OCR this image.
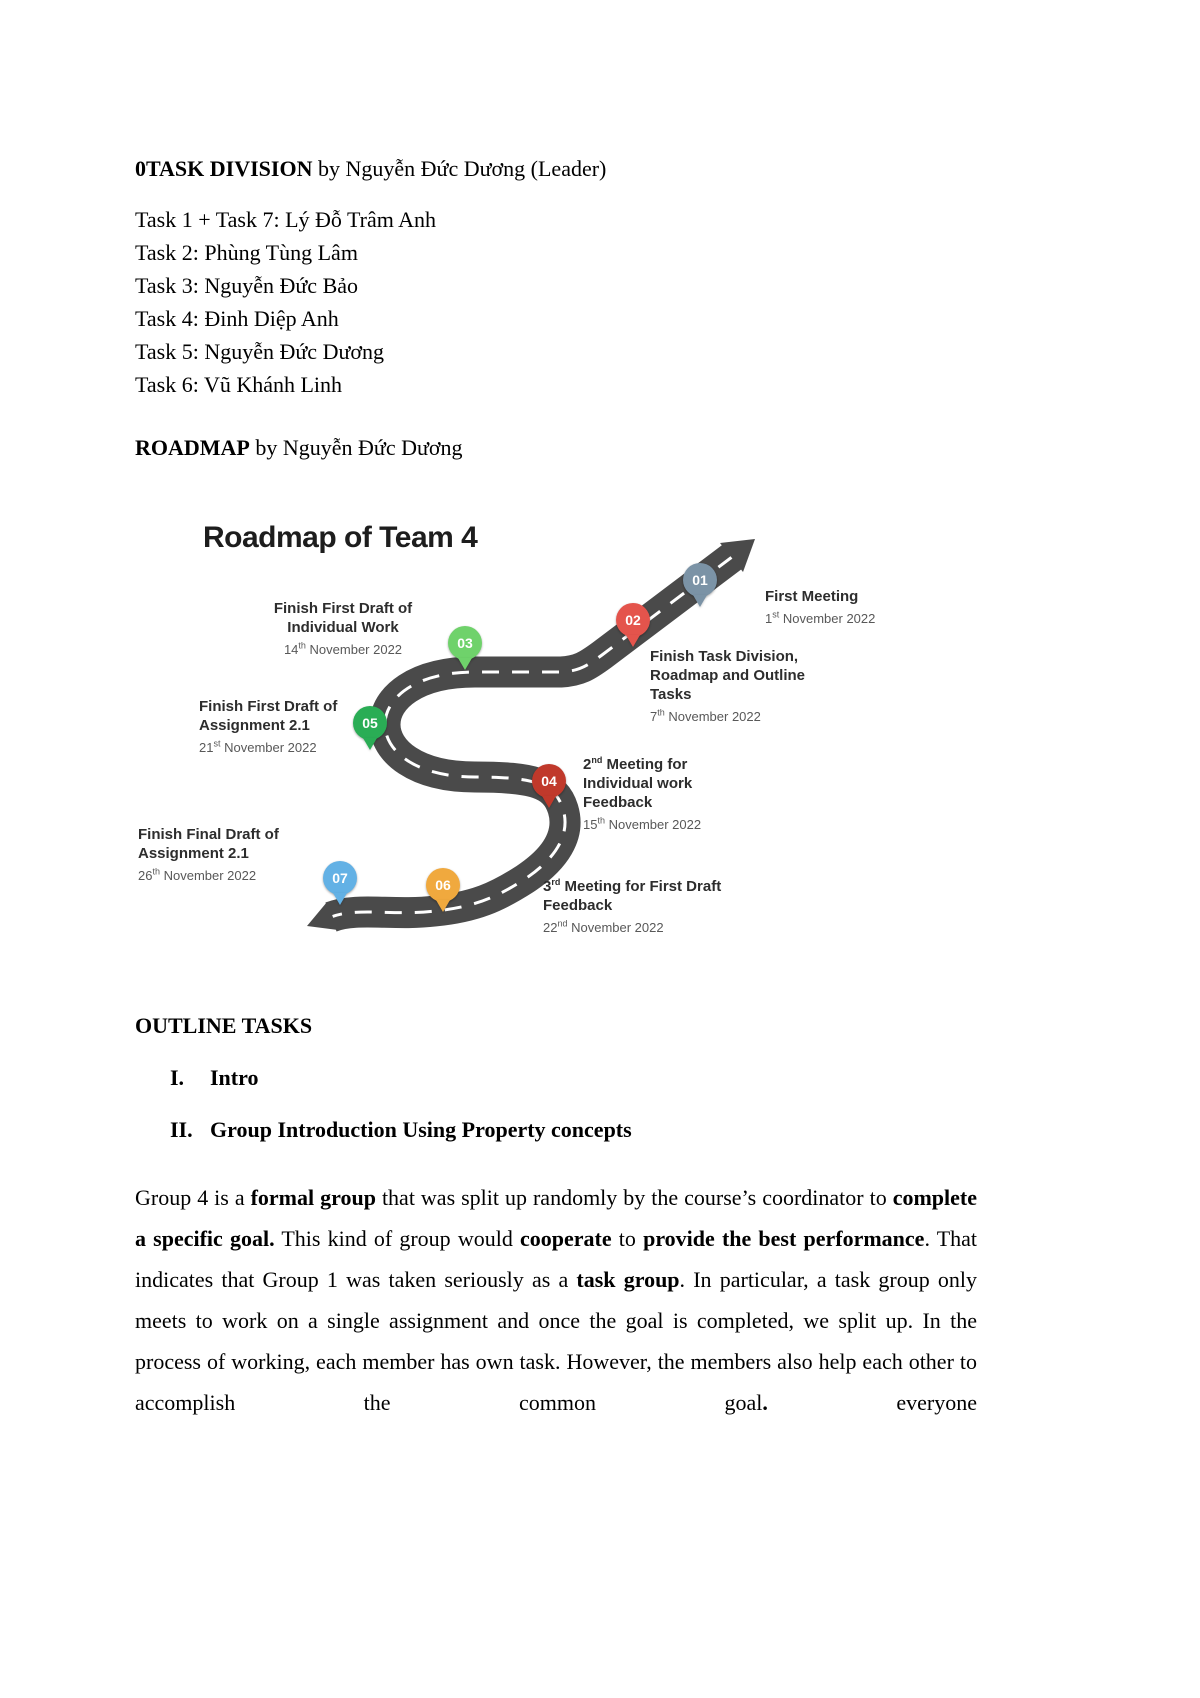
0TASK DIVISION by Nguyễn Đức Dương (Leader)
Task 1 + Task 7: Lý Đỗ Trâm Anh
Task 2: Phùng Tùng Lâm
Task 3: Nguyễn Đức Bảo
Task 4: Đinh Diệp Anh
Task 5: Nguyễn Đức Dương
Task 6: Vũ Khánh Linh
ROADMAP by Nguyễn Đức Dương
Roadmap of Team 4
01
02
03
04
05
06
07
First Meeting
1st November 2022
Finish Task Division, Roadmap and Outline Tasks
7th November 2022
Finish First Draft of Individual Work
14th November 2022
2nd Meeting for Individual work Feedback
15th November 2022
Finish First Draft of Assignment 2.1
21st November 2022
3rd Meeting for First Draft Feedback
22nd November 2022
Finish Final Draft of Assignment 2.1
26th November 2022
OUTLINE TASKS
I. Intro
II. Group Introduction Using Property concepts

Group 4 is a formal group that was split up randomly by the course’s coordinator to complete a specific goal. This kind of group would cooperate to provide the best performance. That indicates that Group 1 was taken seriously as a task group. In particular, a task group only meets to work on a single assignment and once the goal is completed, we split up. In the process of working, each member has own task. However, the members also help each other to accomplish the common goal. everyone
